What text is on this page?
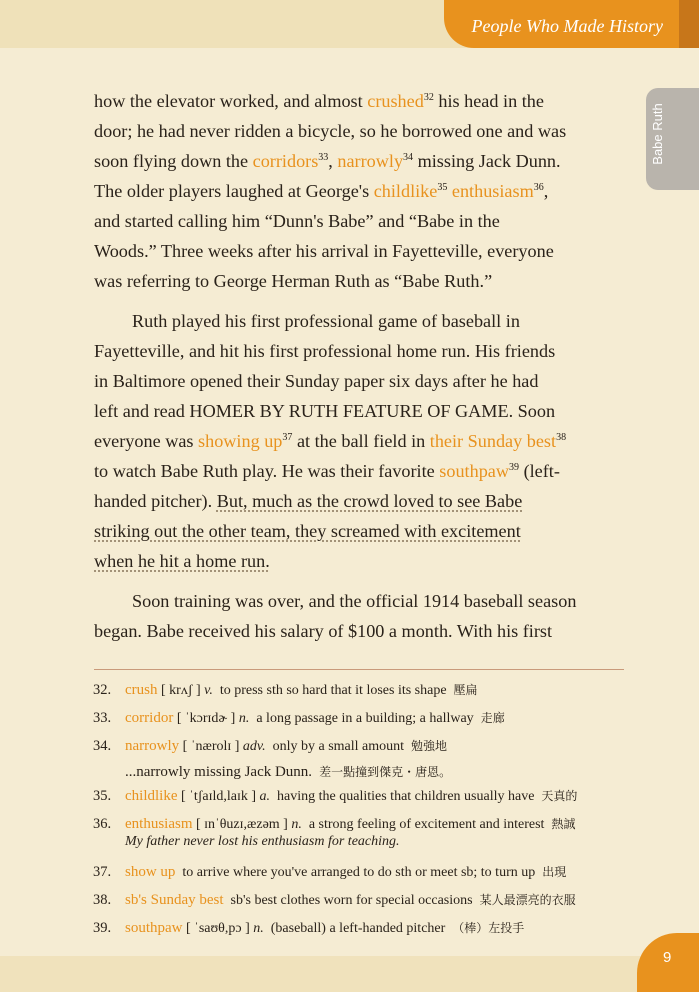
People Who Made History
Babe Ruth
how the elevator worked, and almost crushed$^{32}$ his head in the
door; he had never ridden a bicycle, so he borrowed one and was
soon flying down the corridors$^{33}$, narrowly$^{34}$ missing Jack Dunn.
The older players laughed at George's childlike$^{35}$ enthusiasm$^{36}$,
and started calling him “Dunn's Babe” and “Babe in the
Woods.” Three weeks after his arrival in Fayetteville, everyone
was referring to George Herman Ruth as “Babe Ruth.”
Ruth played his first professional game of baseball in
Fayetteville, and hit his first professional home run. His friends
in Baltimore opened their Sunday paper six days after he had
left and read HOMER BY RUTH FEATURE OF GAME. Soon
everyone was showing $up^{37}$ at the ball field in their Sunday best$^{38}$
to watch Babe Ruth play. He was their favorite southpaw$^{39}$ (left-
handed pitcher). But, much as the crowd loved to see Babe
striking out the other team, they screamed with excitement
when he hit a home run.
Soon training was over, and the official 1914 baseball season
began. Babe received his salary of $100 a month. With his first
32. crush [ krʌʃ ] v. to press sth so hard that it loses its shape 壓扁
33. corridor [ ˈkɔrɪdɚ ] n. a long passage in a building; a hallway 走廊
34. narrowly [ ˈnærolɪ ] adv. only by a small amount 勉強地
...narrowly missing Jack Dunn. 差一點撞到傑克・唐恩。
35. childlike [ ˈtʃaɪld,laɪk ] a. having the qualities that children usually have 天真的
36. enthusiasm [ ɪnˈθuzɪ,æzəm ] n. a strong feeling of excitement and interest 熱誠
My father never lost his enthusiasm for teaching.
37. show up to arrive where you've arranged to do sth or meet sb; to turn up 出現
38. sb's Sunday best sb's best clothes worn for special occasions 某人最漂亮的衣服
39. southpaw [ ˈsaʊθ,pɔ ] n. (baseball) a left-handed pitcher （棒）左投手
9
